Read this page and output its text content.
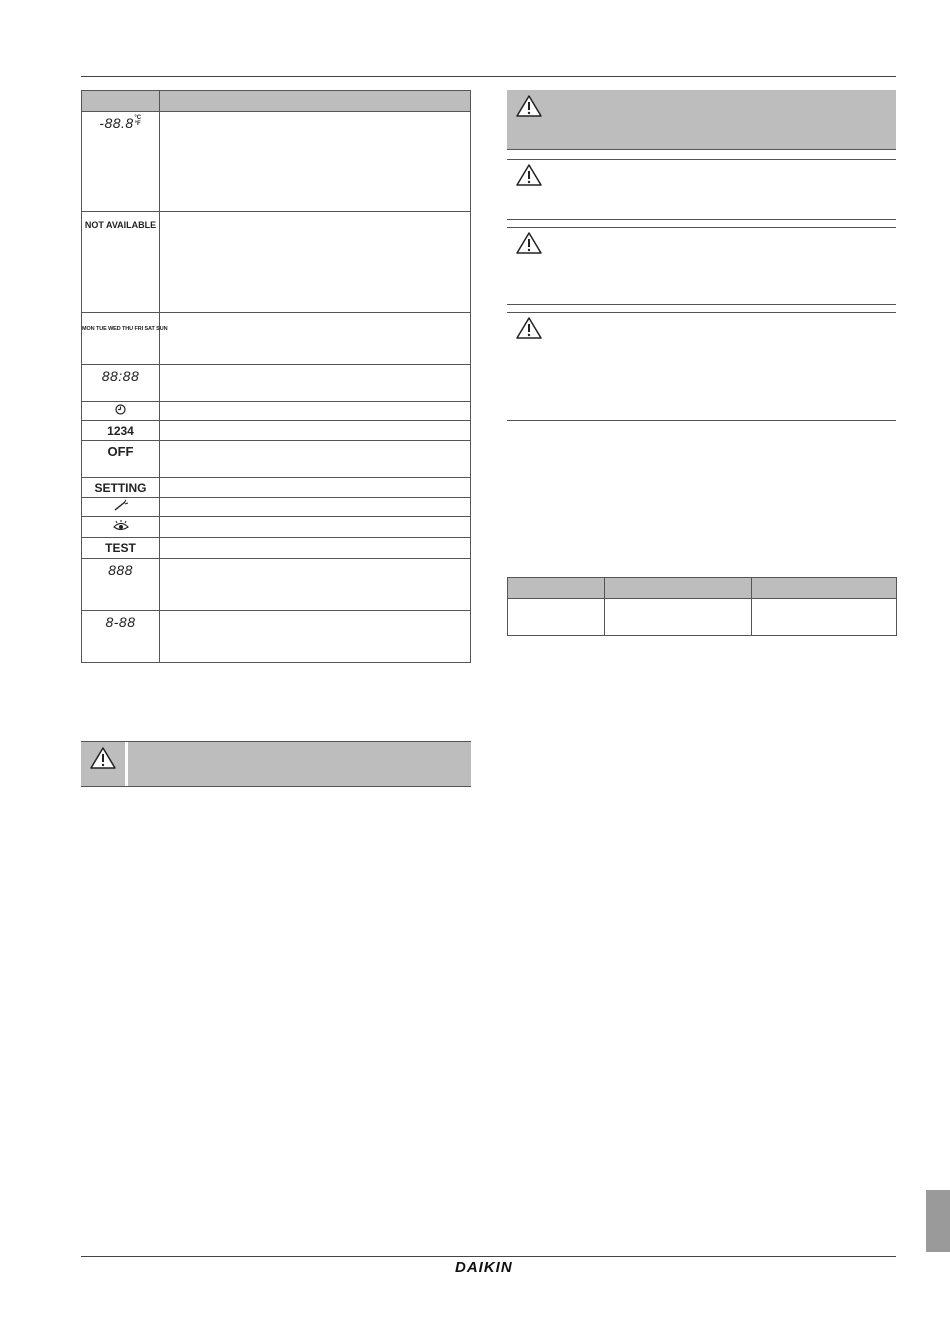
-88.8°C °F	
NOT AVAILABLE	
MON TUE WED THU FRI SAT SUN	
88:88	

1234	
OFF	
SETTING	

TEST	
888	
8-88	

DAIKIN
